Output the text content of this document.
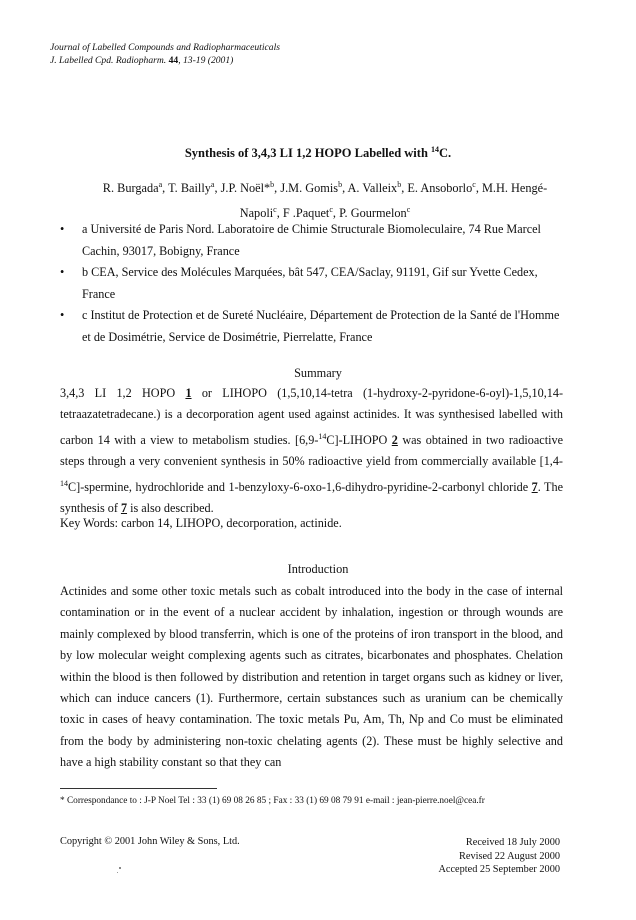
Journal of Labelled Compounds and Radiopharmaceuticals
J. Labelled Cpd. Radiopharm. 44, 13-19 (2001)
Synthesis of 3,4,3 LI 1,2 HOPO Labelled with $^{14}$C.
R. Burgada$^a$, T. Bailly$^a$, J.P. Noël*$^b$, J.M. Gomis$^b$, A. Valleix$^b$, E. Ansoborlo$^c$, M.H. Hengé-Napoli$^c$, F .Paquet$^c$, P. Gourmelon$^c$
• a Université de Paris Nord. Laboratoire de Chimie Structurale Biomoleculaire, 74 Rue Marcel Cachin, 93017, Bobigny, France
• b CEA, Service des Molécules Marquées, bât 547, CEA/Saclay, 91191, Gif sur Yvette Cedex, France
• c Institut de Protection et de Sureté Nucléaire, Département de Protection de la Santé de l'Homme et de Dosimétrie, Service de Dosimétrie, Pierrelatte, France
Summary
3,4,3 LI 1,2 HOPO 1 or LIHOPO (1,5,10,14-tetra (1-hydroxy-2-pyridone-6-oyl)-1,5,10,14-tetraazatetradecane.) is a decorporation agent used against actinides. It was synthesised labelled with carbon 14 with a view to metabolism studies. [6,9-$^{14}$C]-LIHOPO 2 was obtained in two radioactive steps through a very convenient synthesis in 50% radioactive yield from commercially available [1,4-$^{14}$C]-spermine, hydrochloride and 1-benzyloxy-6-oxo-1,6-dihydro-pyridine-2-carbonyl chloride 7. The synthesis of 7 is also described.
Key Words: carbon 14, LIHOPO, decorporation, actinide.
Introduction
Actinides and some other toxic metals such as cobalt introduced into the body in the case of internal contamination or in the event of a nuclear accident by inhalation, ingestion or through wounds are mainly complexed by blood transferrin, which is one of the proteins of iron transport in the blood, and by low molecular weight complexing agents such as citrates, bicarbonates and phosphates. Chelation within the blood is then followed by distribution and retention in target organs such as kidney or liver, which can induce cancers (1). Furthermore, certain substances such as uranium can be chemically toxic in cases of heavy contamination. The toxic metals Pu, Am, Th, Np and Co must be eliminated from the body by administering non-toxic chelating agents (2). These must be highly selective and have a high stability constant so that they can
* Correspondance to : J-P Noel Tel : 33 (1) 69 08 26 85 ; Fax : 33 (1) 69 08 79 91 e-mail : jean-pierre.noel@cea.fr
Copyright © 2001 John Wiley & Sons, Ltd.	Received 18 July 2000
Revised 22 August 2000
Accepted 25 September 2000
